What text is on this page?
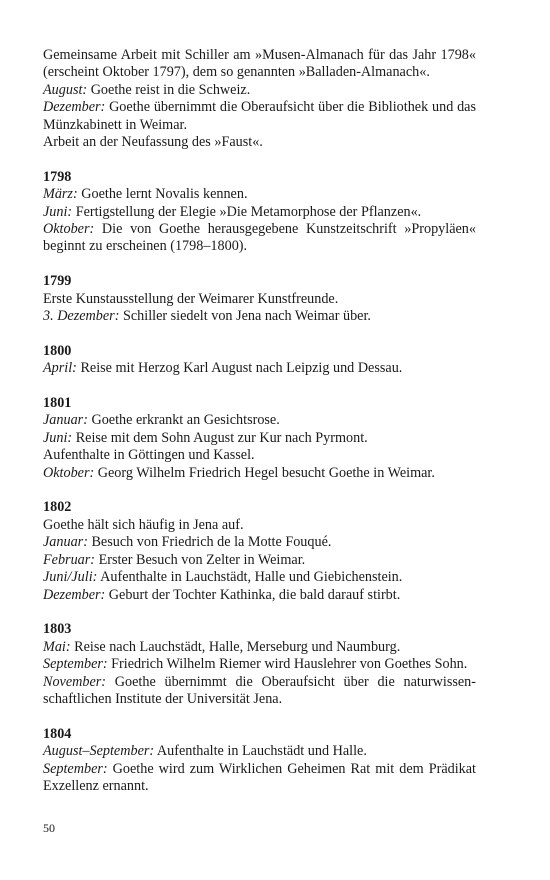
Gemeinsame Arbeit mit Schiller am »Musen-Almanach für das Jahr 1798« (erscheint Oktober 1797), dem so genannten »Balladen-Almanach«.
August: Goethe reist in die Schweiz.
Dezember: Goethe übernimmt die Oberaufsicht über die Bibliothek und das Münzkabinett in Weimar.
Arbeit an der Neufassung des »Faust«.
1798
März: Goethe lernt Novalis kennen.
Juni: Fertigstellung der Elegie »Die Metamorphose der Pflanzen«.
Oktober: Die von Goethe herausgegebene Kunstzeitschrift »Propyläen« beginnt zu erscheinen (1798–1800).
1799
Erste Kunstausstellung der Weimarer Kunstfreunde.
3. Dezember: Schiller siedelt von Jena nach Weimar über.
1800
April: Reise mit Herzog Karl August nach Leipzig und Dessau.
1801
Januar: Goethe erkrankt an Gesichtsrose.
Juni: Reise mit dem Sohn August zur Kur nach Pyrmont.
Aufenthalte in Göttingen und Kassel.
Oktober: Georg Wilhelm Friedrich Hegel besucht Goethe in Weimar.
1802
Goethe hält sich häufig in Jena auf.
Januar: Besuch von Friedrich de la Motte Fouqué.
Februar: Erster Besuch von Zelter in Weimar.
Juni/Juli: Aufenthalte in Lauchstädt, Halle und Giebichenstein.
Dezember: Geburt der Tochter Kathinka, die bald darauf stirbt.
1803
Mai: Reise nach Lauchstädt, Halle, Merseburg und Naumburg.
September: Friedrich Wilhelm Riemer wird Hauslehrer von Goethes Sohn.
November: Goethe übernimmt die Oberaufsicht über die naturwissenschaftlichen Institute der Universität Jena.
1804
August–September: Aufenthalte in Lauchstädt und Halle.
September: Goethe wird zum Wirklichen Geheimen Rat mit dem Prädikat Exzellenz ernannt.
50
